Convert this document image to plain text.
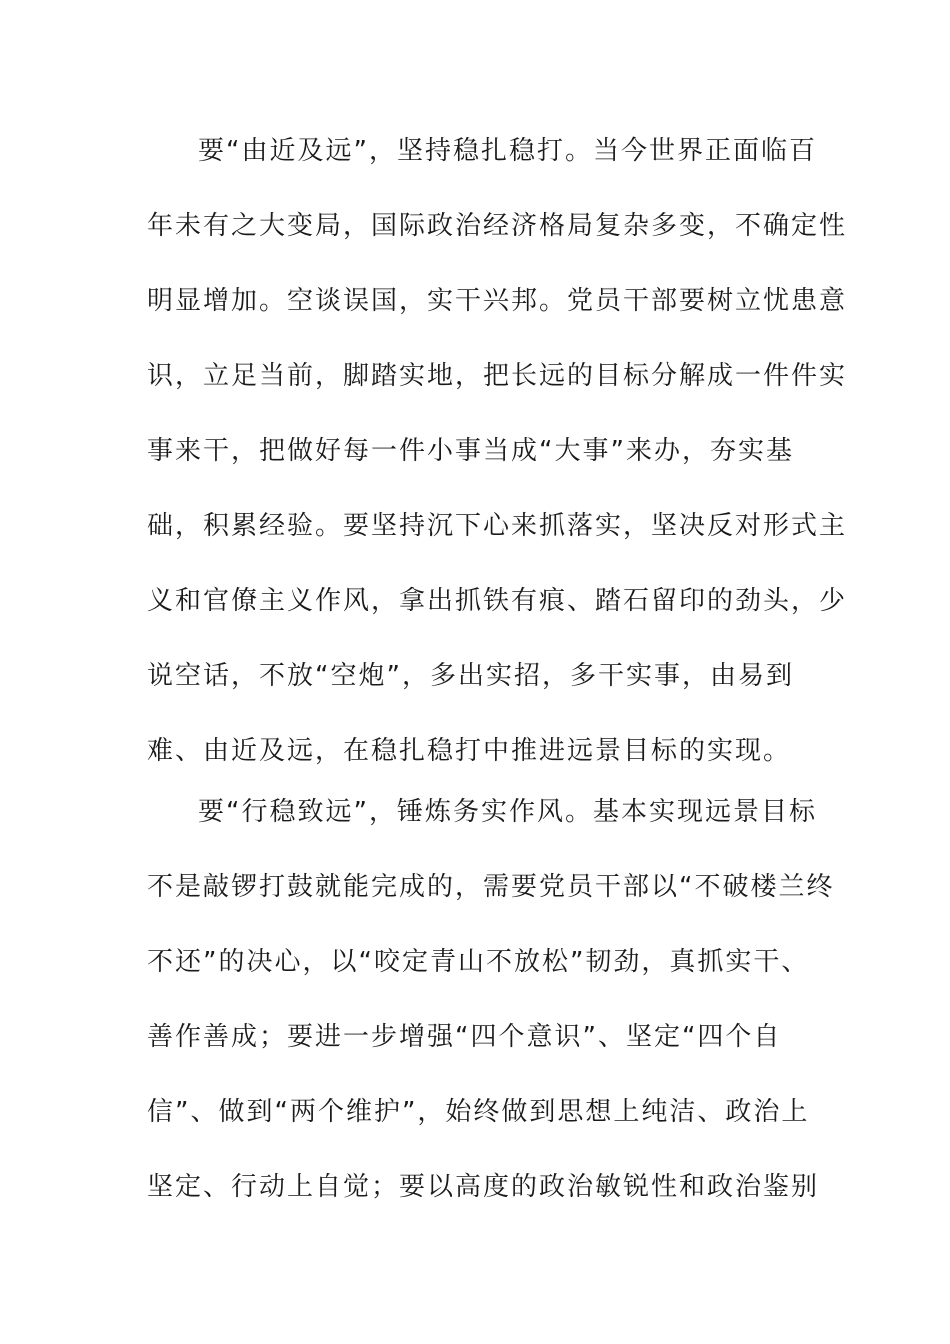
要“由近及远”，坚持稳扎稳打。当今世界正面临百
年未有之大变局，国际政治经济格局复杂多变，不确定性
明显增加。空谈误国，实干兴邦。党员干部要树立忧患意
识，立足当前，脚踏实地，把长远的目标分解成一件件实
事来干，把做好每一件小事当成“大事”来办，夯实基
础，积累经验。要坚持沉下心来抓落实，坚决反对形式主
义和官僚主义作风，拿出抓铁有痕、踏石留印的劲头，少
说空话，不放“空炮”，多出实招，多干实事，由易到
难、由近及远，在稳扎稳打中推进远景目标的实现。
要“行稳致远”，锤炼务实作风。基本实现远景目标
不是敲锣打鼓就能完成的，需要党员干部以“不破楼兰终
不还”的决心，以“咬定青山不放松”韧劲，真抓实干、
善作善成；要进一步增强“四个意识”、坚定“四个自
信”、做到“两个维护”，始终做到思想上纯洁、政治上
坚定、行动上自觉；要以高度的政治敏锐性和政治鉴别
